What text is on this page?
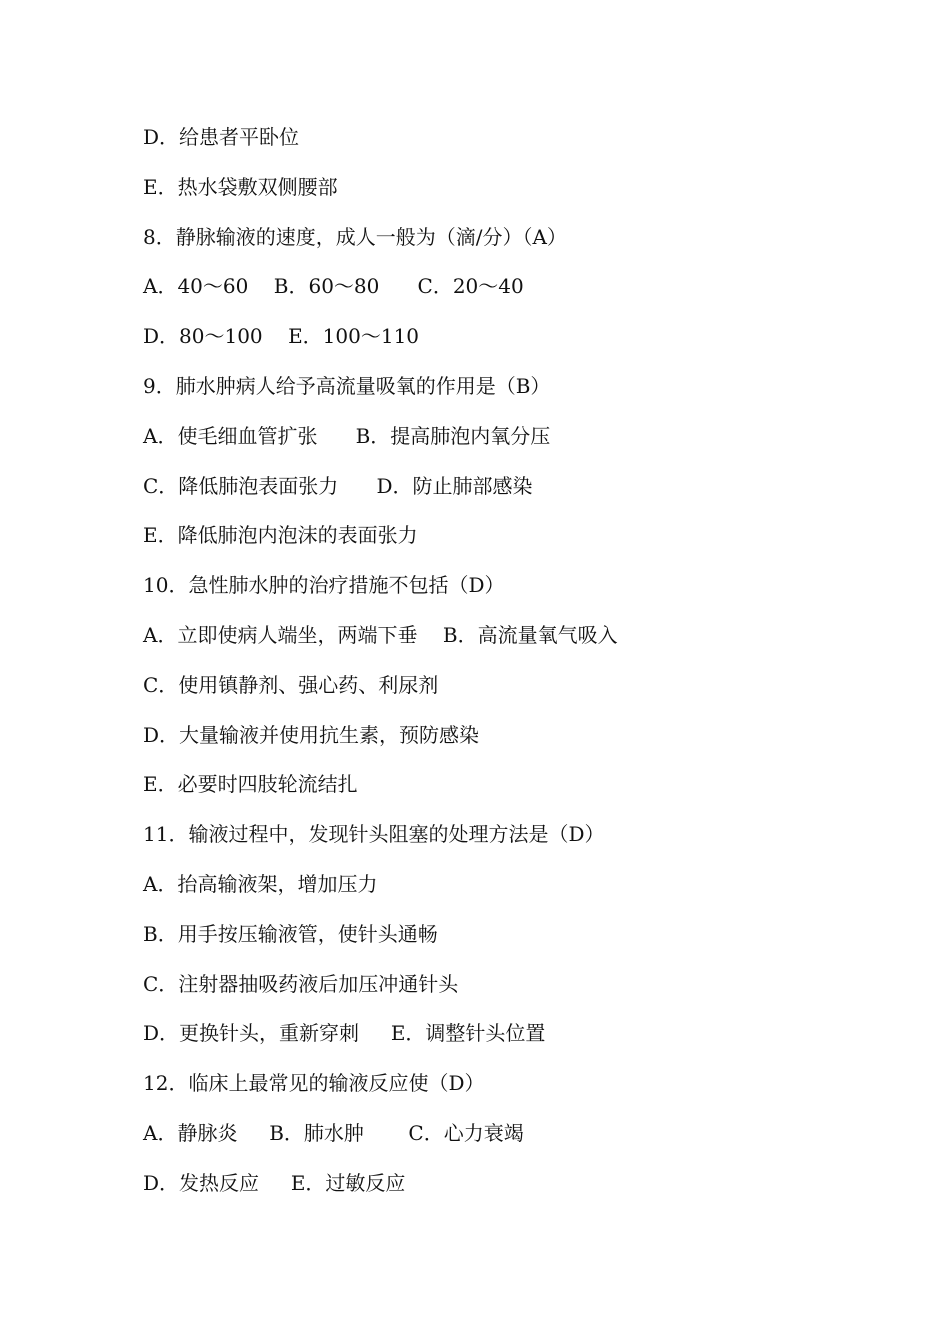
D．给患者平卧位
E．热水袋敷双侧腰部
8．静脉输液的速度，成人一般为（滴/分）（A）
A．40～60    B．60～80      C．20～40
D．80～100    E．100～110
9．肺水肿病人给予高流量吸氧的作用是（B）
A．使毛细血管扩张      B．提高肺泡内氧分压
C．降低肺泡表面张力      D．防止肺部感染
E．降低肺泡内泡沫的表面张力
10．急性肺水肿的治疗措施不包括（D）
A．立即使病人端坐，两端下垂    B．高流量氧气吸入
C．使用镇静剂、强心药、利尿剂
D．大量输液并使用抗生素，预防感染
E．必要时四肢轮流结扎
11．输液过程中，发现针头阻塞的处理方法是（D）
A．抬高输液架，增加压力
B．用手按压输液管，使针头通畅
C．注射器抽吸药液后加压冲通针头
D．更换针头，重新穿刺     E．调整针头位置
12．临床上最常见的输液反应使（D）
A．静脉炎     B．肺水肿       C．心力衰竭
D．发热反应     E．过敏反应
